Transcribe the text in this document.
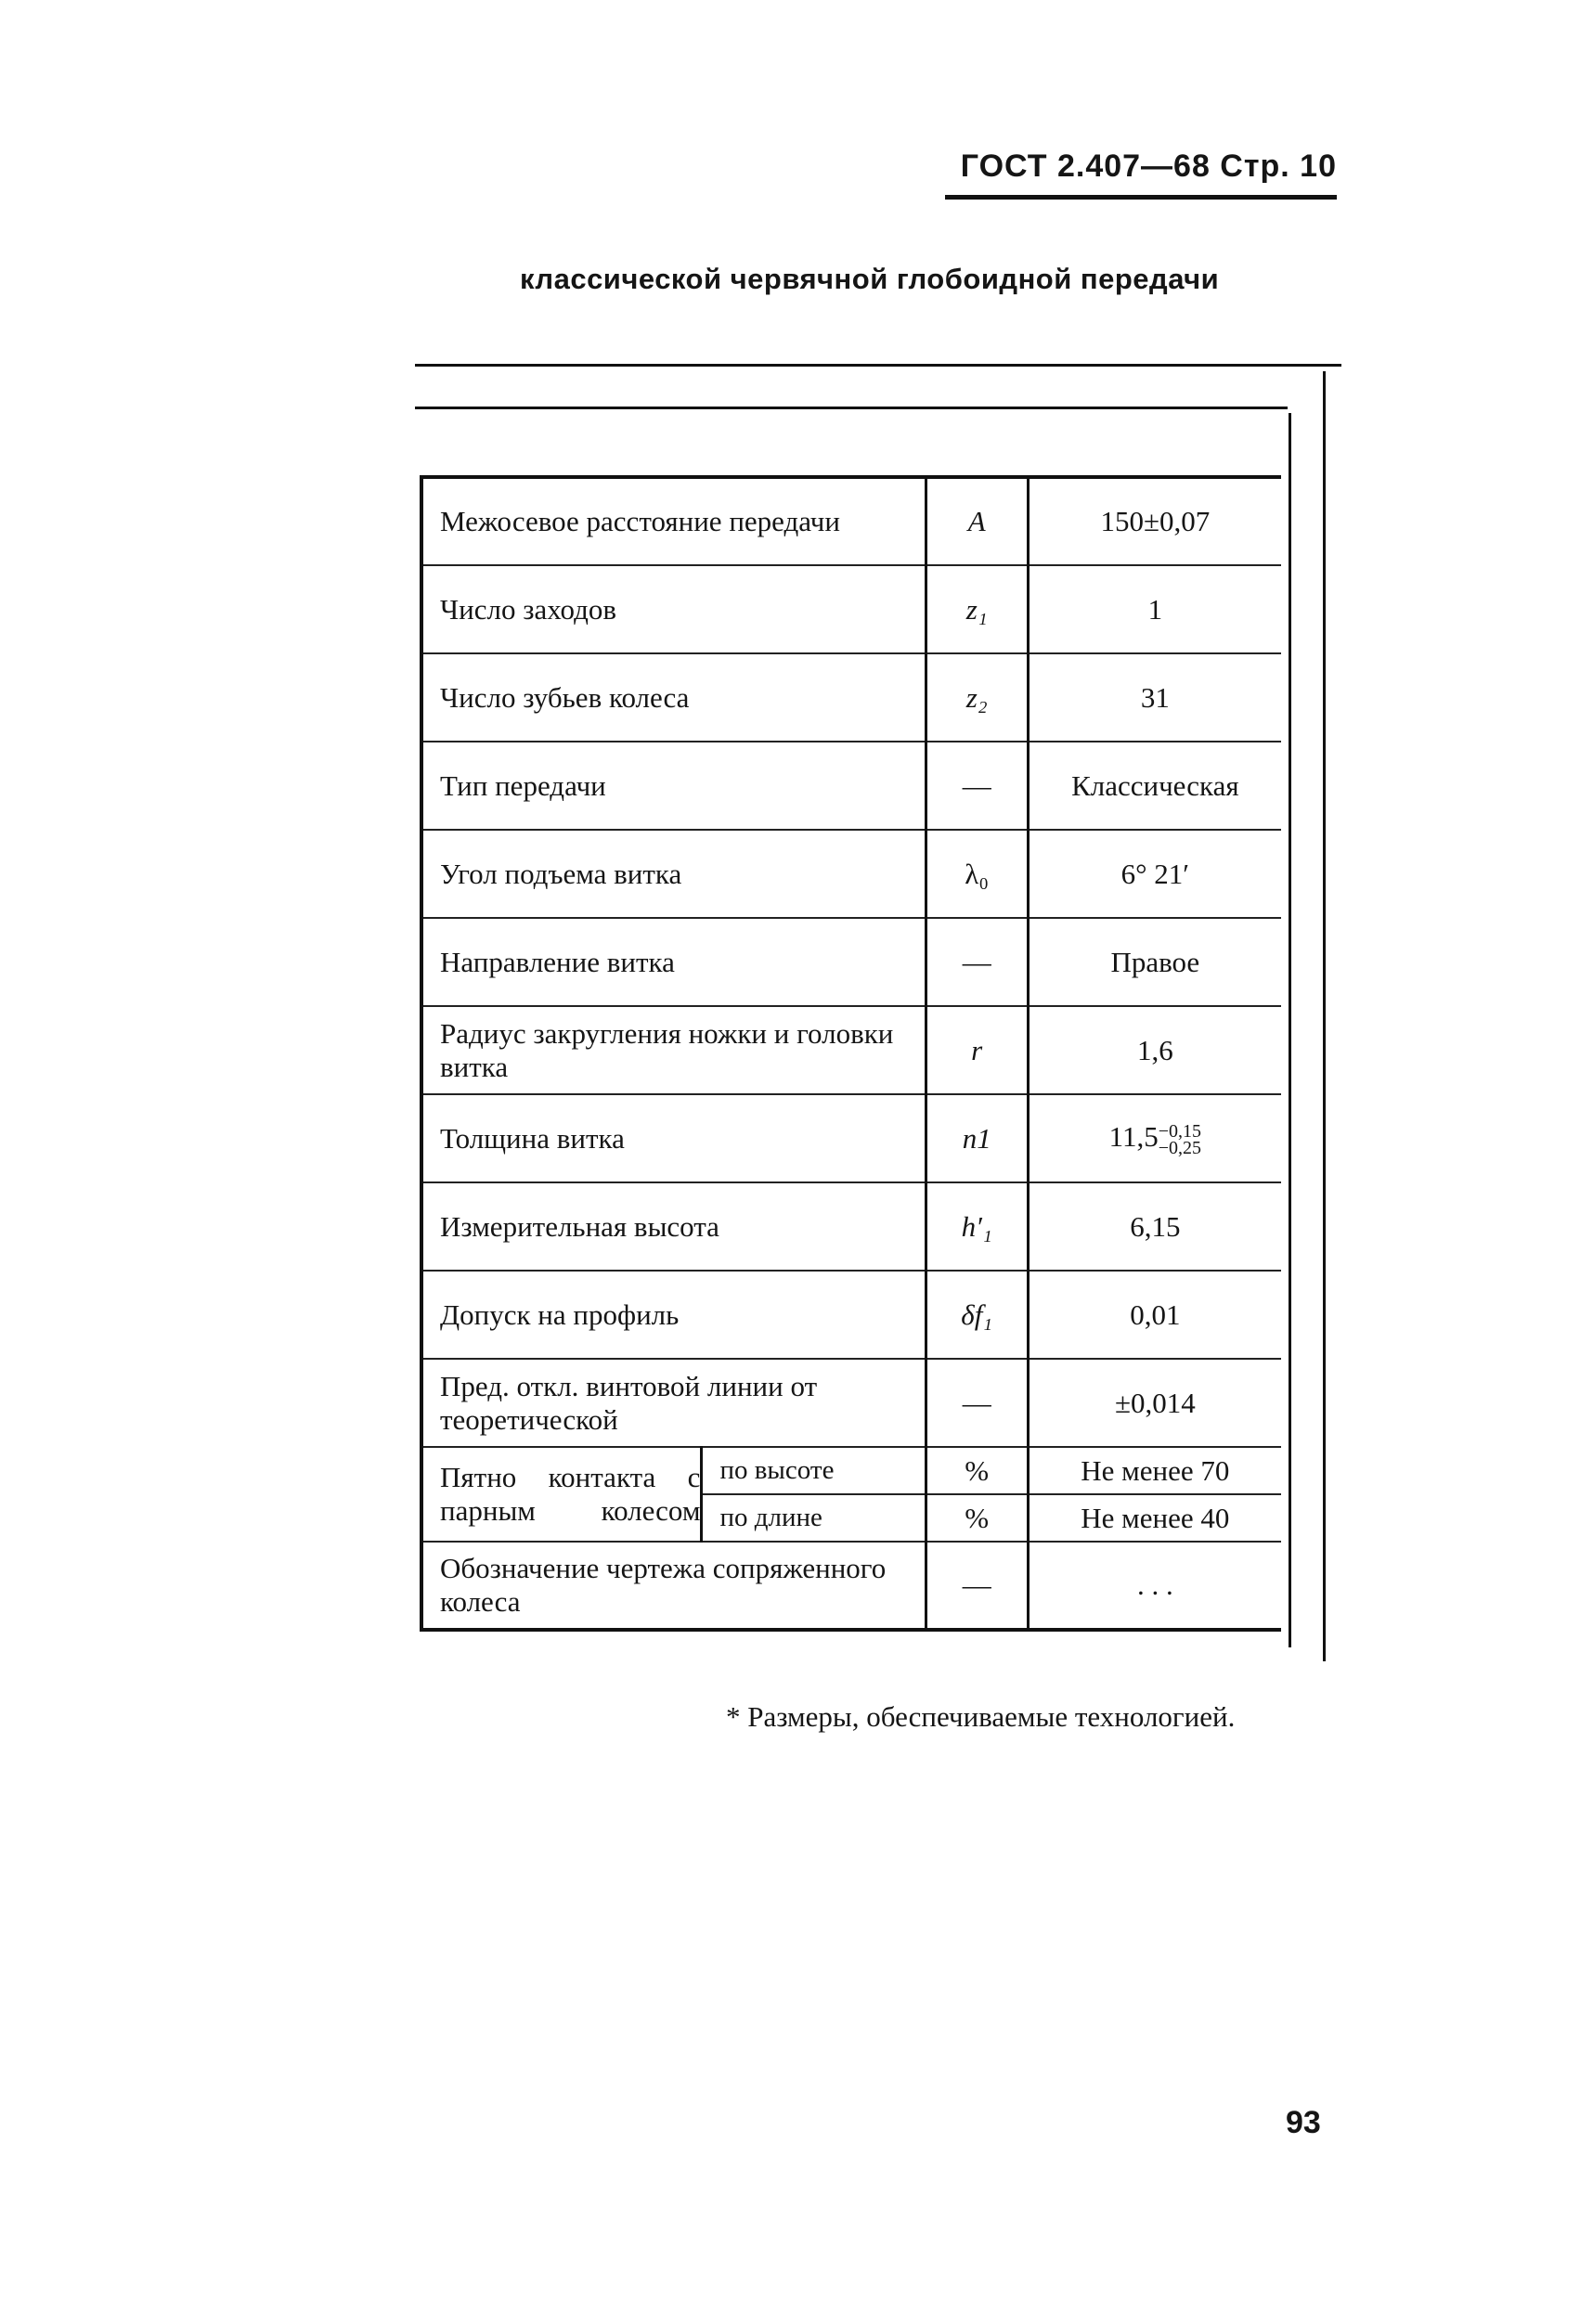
ГОСТ 2.407—68 Стр. 10
классической червячной глобоидной передачи
Межосевое расстояние передачи		A	150±0,07
Число заходов		z₁	1
Число зубьев колеса		z₂	31
Тип передачи		—	Классическая
Угол подъема витка		λ₀	6° 21′
Направление витка		—	Правое
Радиус закругления ножки и головки витка		r	1,6
Толщина витка		n1	11,5−0,15
−0,25
Измерительная высота		h′₁	6,15
Допуск на профиль		δf₁	0,01
Пред. откл. винтовой линии от теоретической		—	±0,014
Пятно контакта с парным колесом	по высоте	%	Не менее 70
	по длине	%	Не менее 40
Обозначение чертежа сопряженного колеса		—	. . .
* Размеры, обеспечиваемые технологией.
93
